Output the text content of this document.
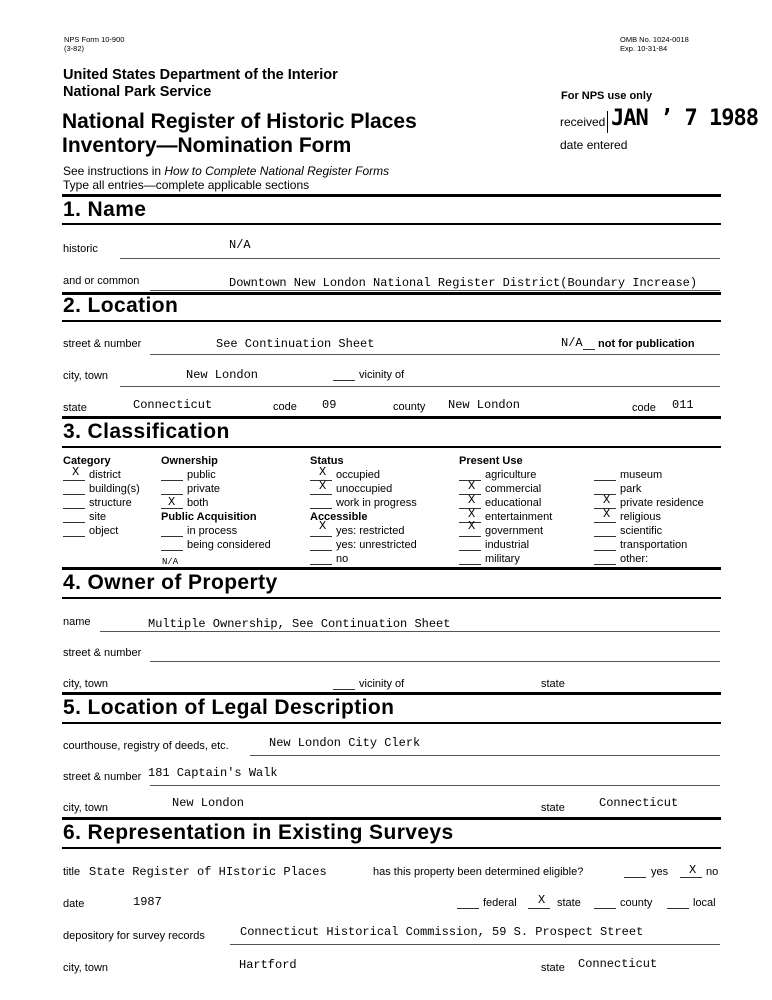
NPS Form 10-900
(3-82)
OMB No. 1024-0018
Exp. 10-31-84
United States Department of the Interior
National Park Service
National Register of Historic Places
Inventory—Nomination Form
For NPS use only
received JAN ’ 7 1988
date entered
See instructions in How to Complete National Register Forms
Type all entries—complete applicable sections
1. Name
historic	N/A
and or common	Downtown New London National Register District(Boundary Increase)
2. Location
street & number	See Continuation Sheet	N/A not for publication
city, town	New London	vicinity of
state	Connecticut	code 09	county New London	code 011
3. Classification
Category
X district
building(s)
structure
site
object
Ownership
public
private
X both
Public Acquisition
in process
being considered
N/A
Status
X occupied
X unoccupied
work in progress
Accessible
X yes: restricted
yes: unrestricted
no
Present Use
agriculture
X commercial
X educational
X entertainment
X government
industrial
military
museum
park
X private residence
X religious
scientific
transportation
other:
4. Owner of Property
name	Multiple Ownership, See Continuation Sheet
street & number
city, town	vicinity of	state
5. Location of Legal Description
courthouse, registry of deeds, etc.	New London City Clerk
street & number 181 Captain's Walk
city, town	New London	state	Connecticut
6. Representation in Existing Surveys
title State Register of HIstoric Places	has this property been determined eligible?	yes X no
date	1987	federal X state	county	local
depository for survey records	Connecticut Historical Commission, 59 S. Prospect Street
city, town	Hartford	state Connecticut
